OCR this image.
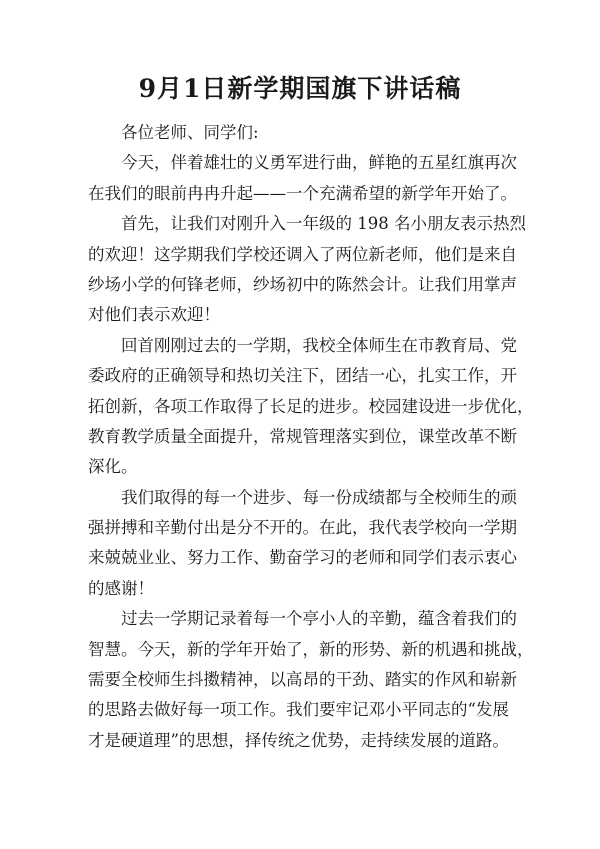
9月1日新学期国旗下讲话稿
各位老师、同学们:
今天，伴着雄壮的义勇军进行曲，鲜艳的五星红旗再次
在我们的眼前冉冉升起——一个充满希望的新学年开始了。
首先，让我们对刚升入一年级的 198 名小朋友表示热烈
的欢迎！这学期我们学校还调入了两位新老师，他们是来自
纱场小学的何锋老师，纱场初中的陈然会计。让我们用掌声
对他们表示欢迎！
回首刚刚过去的一学期，我校全体师生在市教育局、党
委政府的正确领导和热切关注下，团结一心，扎实工作，开
拓创新，各项工作取得了长足的进步。校园建设进一步优化，
教育教学质量全面提升，常规管理落实到位，课堂改革不断
深化。
我们取得的每一个进步、每一份成绩都与全校师生的顽
强拼搏和辛勤付出是分不开的。在此，我代表学校向一学期
来兢兢业业、努力工作、勤奋学习的老师和同学们表示衷心
的感谢！
过去一学期记录着每一个亭小人的辛勤，蕴含着我们的
智慧。今天，新的学年开始了，新的形势、新的机遇和挑战，
需要全校师生抖擞精神，以高昂的干劲、踏实的作风和崭新
的思路去做好每一项工作。我们要牢记邓小平同志的“发展
才是硬道理”的思想，择传统之优势，走持续发展的道路。
